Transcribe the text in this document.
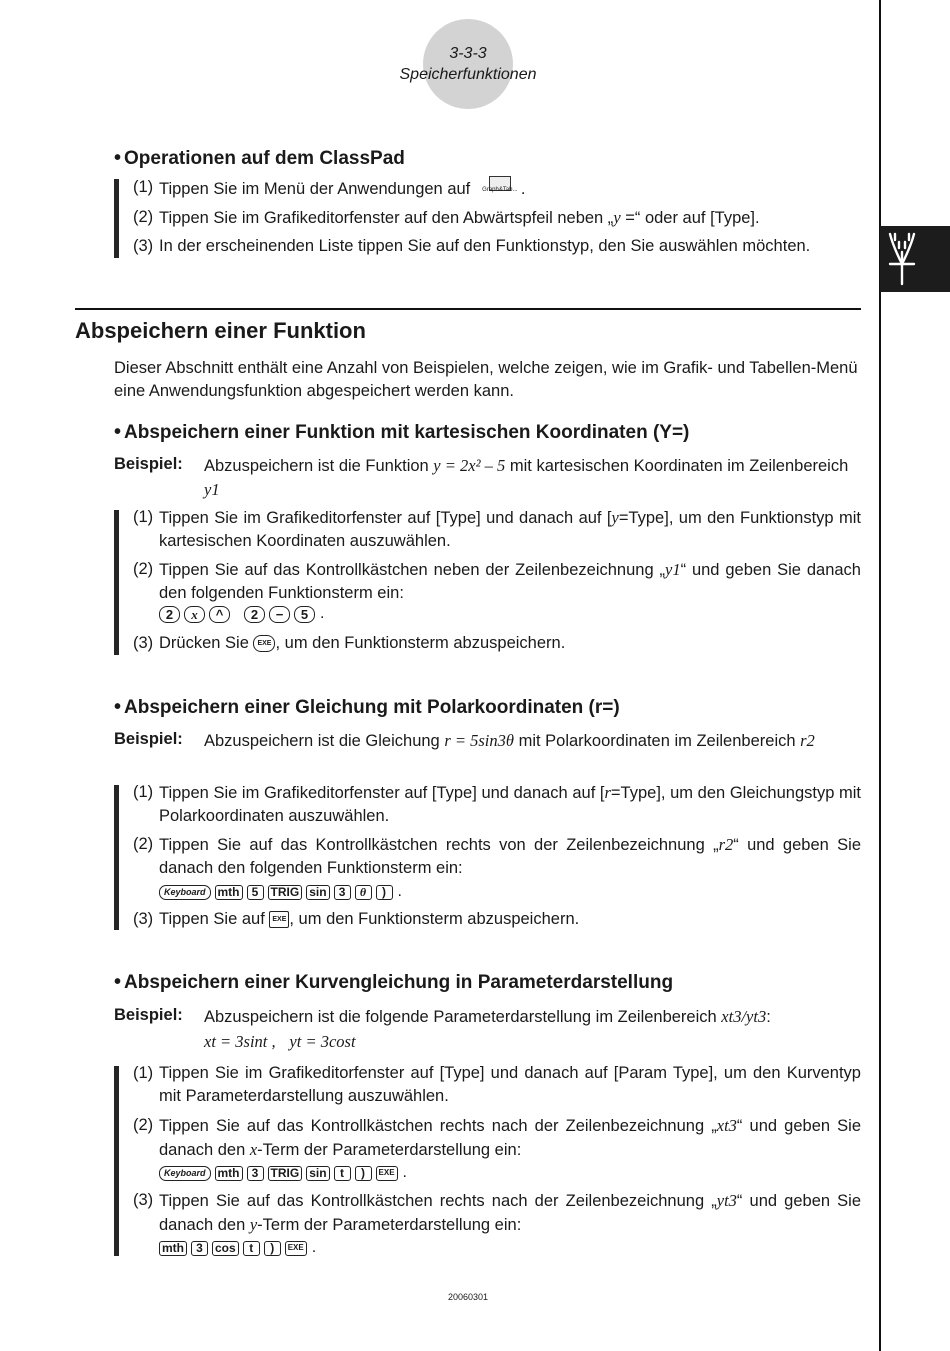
3-3-3
Speicherfunktionen
• Operationen auf dem ClassPad
(1) Tippen Sie im Menü der Anwendungen auf	Graph&Tab... .
(2) Tippen Sie im Grafikeditorfenster auf den Abwärtspfeil neben „y =“ oder auf [Type].
(3) In der erscheinenden Liste tippen Sie auf den Funktionstyp, den Sie auswählen möchten.
Abspeichern einer Funktion
Dieser Abschnitt enthält eine Anzahl von Beispielen, welche zeigen, wie im Grafik- und Tabellen-Menü eine Anwendungsfunktion abgespeichert werden kann.
• Abspeichern einer Funktion mit kartesischen Koordinaten (Y=)
Beispiel: Abzuspeichern ist die Funktion y = 2x² – 5 mit kartesischen Koordinaten im Zeilenbereich y1
(1) Tippen Sie im Grafikeditorfenster auf [Type] und danach auf [y=Type], um den Funktionstyp mit kartesischen Koordinaten auszuwählen.
(2) Tippen Sie auf das Kontrollkästchen neben der Zeilenbezeichnung „y1“ und geben Sie danach den folgenden Funktionsterm ein:
2	x	^	2	−	5 .
(3) Drücken Sie EXE , um den Funktionsterm abzuspeichern.
• Abspeichern einer Gleichung mit Polarkoordinaten (r=)
Beispiel: Abzuspeichern ist die Gleichung r = 5sin3θ mit Polarkoordinaten im Zeilenbereich r2
(1) Tippen Sie im Grafikeditorfenster auf [Type] und danach auf [r=Type], um den Gleichungstyp mit Polarkoordinaten auszuwählen.
(2) Tippen Sie auf das Kontrollkästchen rechts von der Zeilenbezeichnung „r2“ und geben Sie danach den folgenden Funktionsterm ein:
Keyboard	mth	5	TRIG sin	3	θ	) .
(3) Tippen Sie auf EXE , um den Funktionsterm abzuspeichern.
• Abspeichern einer Kurvengleichung in Parameterdarstellung
Beispiel: Abzuspeichern ist die folgende Parameterdarstellung im Zeilenbereich xt3/yt3:
xt = 3sint , yt = 3cost
(1) Tippen Sie im Grafikeditorfenster auf [Type] und danach auf [Param Type], um den Kurventyp mit Parameterdarstellung auszuwählen.
(2) Tippen Sie auf das Kontrollkästchen rechts nach der Zeilenbezeichnung „xt3“ und geben Sie danach den x-Term der Parameterdarstellung ein:
Keyboard	mth	3	TRIG sin	t	)	EXE .
(3) Tippen Sie auf das Kontrollkästchen rechts nach der Zeilenbezeichnung „yt3“ und geben Sie danach den y-Term der Parameterdarstellung ein:
mth	3	cos	t	)	EXE .
20060301
